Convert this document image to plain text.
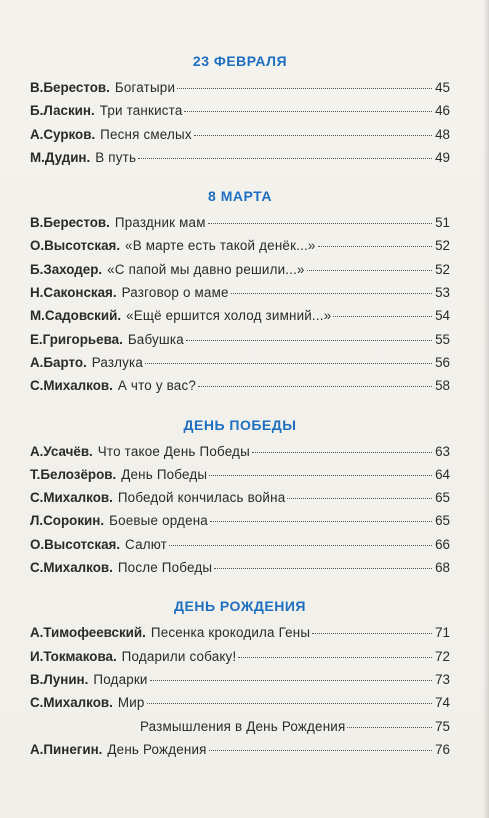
23 ФЕВРАЛЯ
В.Берестов. Богатыри	45
Б.Ласкин. Три танкиста	46
А.Сурков. Песня смелых	48
М.Дудин. В путь	49
8 МАРТА
В.Берестов. Праздник мам	51
О.Высотская. «В марте есть такой денёк...»	52
Б.Заходер. «С папой мы давно решили...»	52
Н.Саконская. Разговор о маме	53
М.Садовский. «Ещё ершится холод зимний...»	54
Е.Григорьева. Бабушка	55
А.Барто. Разлука	56
С.Михалков. А что у вас?	58
ДЕНЬ ПОБЕДЫ
А.Усачёв. Что такое День Победы	63
Т.Белозёров. День Победы	64
С.Михалков. Победой кончилась война	65
Л.Сорокин. Боевые ордена	65
О.Высотская. Салют	66
С.Михалков. После Победы	68
ДЕНЬ РОЖДЕНИЯ
А.Тимофеевский. Песенка крокодила Гены	71
И.Токмакова. Подарили собаку!	72
В.Лунин. Подарки	73
С.Михалков. Мир	74
Размышления в День Рождения	75
А.Пинегин. День Рождения	76
